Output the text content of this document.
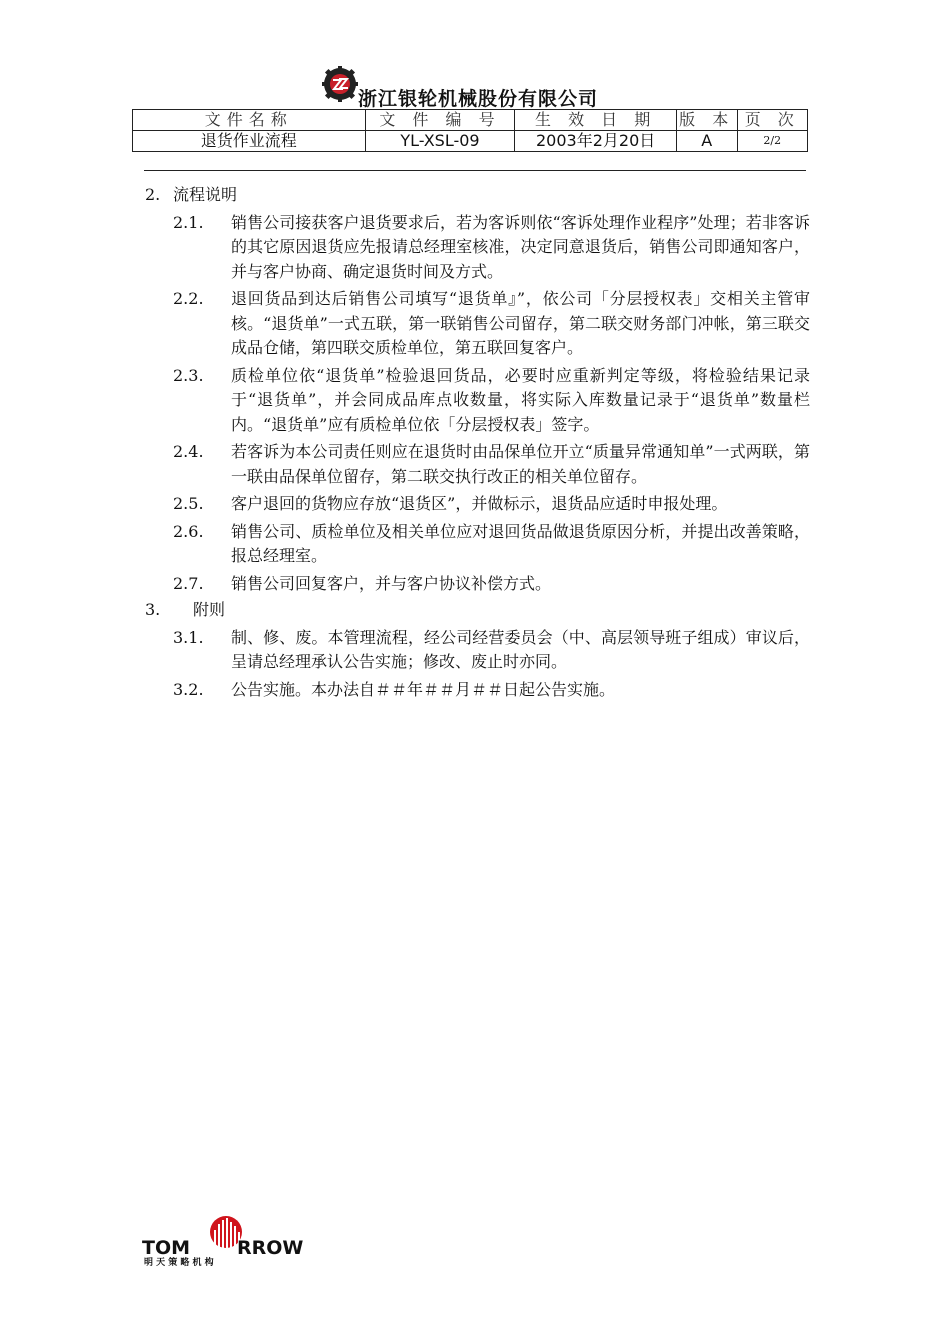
浙江银轮机械股份有限公司
文件名称	文 件 编 号	生 效 日 期	版 本	页 次
退货作业流程	YL-XSL-09	2003年2月20日	A	2/2
2. 流程说明
2.1. 销售公司接获客户退货要求后，若为客诉则依“客诉处理作业程序”处理；若非客诉的其它原因退货应先报请总经理室核准，决定同意退货后，销售公司即通知客户，并与客户协商、确定退货时间及方式。
2.2. 退回货品到达后销售公司填写“退货单』”，依公司「分层授权表」交相关主管审核。“退货单”一式五联，第一联销售公司留存，第二联交财务部门冲帐，第三联交成品仓储，第四联交质检单位，第五联回复客户。
2.3. 质检单位依“退货单”检验退回货品，必要时应重新判定等级，将检验结果记录于“退货单”，并会同成品库点收数量，将实际入库数量记录于“退货单”数量栏内。“退货单”应有质检单位依「分层授权表」签字。
2.4. 若客诉为本公司责任则应在退货时由品保单位开立“质量异常通知单”一式两联，第一联由品保单位留存，第二联交执行改正的相关单位留存。
2.5. 客户退回的货物应存放“退货区”，并做标示，退货品应适时申报处理。
2.6. 销售公司、质检单位及相关单位应对退回货品做退货原因分析，并提出改善策略，报总经理室。
2.7. 销售公司回复客户，并与客户协议补偿方式。
3. 附则
3.1. 制、修、废。本管理流程，经公司经营委员会（中、高层领导班子组成）审议后，呈请总经理承认公告实施；修改、废止时亦同。
3.2. 公告实施。本办法自＃＃年＃＃月＃＃日起公告实施。
TOM RROW
明 天 策 略 机 构
